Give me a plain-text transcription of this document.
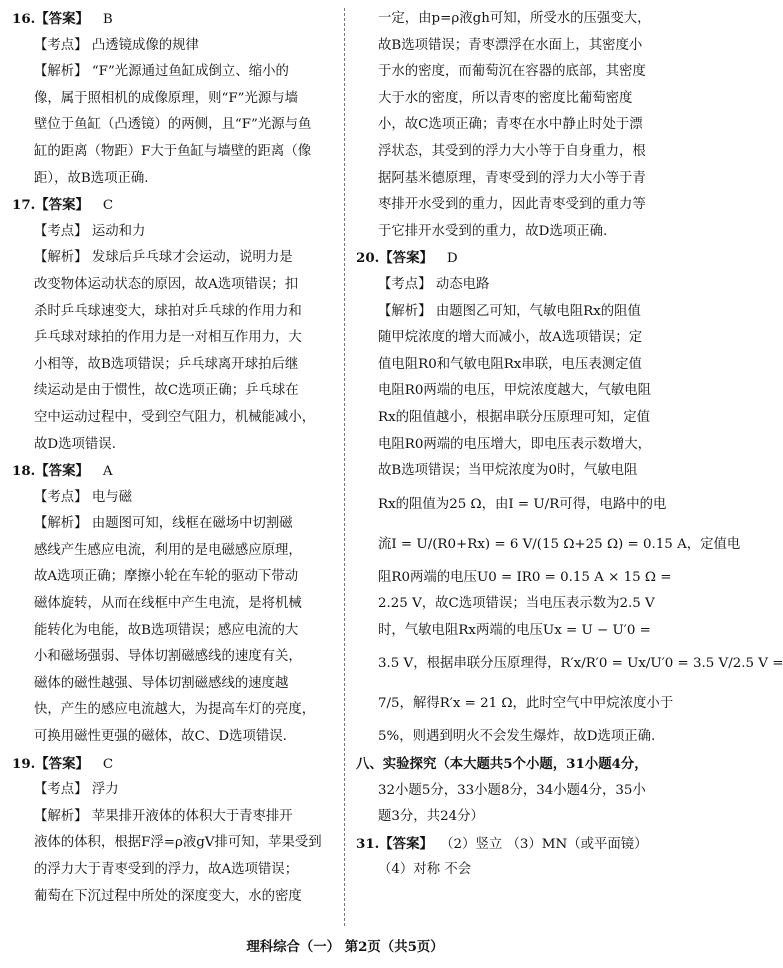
16.【答案】 B
【考点】 凸透镜成像的规律
【解析】 “F”光源通过鱼缸成倒立、缩小的
像，属于照相机的成像原理，则“F”光源与墙
壁位于鱼缸（凸透镜）的两侧，且“F”光源与鱼
缸的距离（物距）F大于鱼缸与墙壁的距离（像
距），故B选项正确.
17.【答案】 C
【考点】 运动和力
【解析】 发球后乒乓球才会运动，说明力是
改变物体运动状态的原因，故A选项错误；扣
杀时乒乓球速变大，球拍对乒乓球的作用力和
乒乓球对球拍的作用力是一对相互作用力，大
小相等，故B选项错误；乒乓球离开球拍后继
续运动是由于惯性，故C选项正确；乒乓球在
空中运动过程中，受到空气阻力，机械能减小，
故D选项错误.
18.【答案】 A
【考点】 电与磁
【解析】 由题图可知，线框在磁场中切割磁
感线产生感应电流，利用的是电磁感应原理，
故A选项正确；摩擦小轮在车轮的驱动下带动
磁体旋转，从而在线框中产生电流，是将机械
能转化为电能，故B选项错误；感应电流的大
小和磁场强弱、导体切割磁感线的速度有关，
磁体的磁性越强、导体切割磁感线的速度越
快，产生的感应电流越大，为提高车灯的亮度，
可换用磁性更强的磁体，故C、D选项错误.
19.【答案】 C
【考点】 浮力
【解析】 苹果排开液体的体积大于青枣排开
液体的体积，根据F浮=ρ液gV排可知，苹果受到
的浮力大于青枣受到的浮力，故A选项错误；
葡萄在下沉过程中所处的深度变大，水的密度
一定，由p=ρ液gh可知，所受水的压强变大，
故B选项错误；青枣漂浮在水面上，其密度小
于水的密度，而葡萄沉在容器的底部，其密度
大于水的密度，所以青枣的密度比葡萄密度
小，故C选项正确；青枣在水中静止时处于漂
浮状态，其受到的浮力大小等于自身重力，根
据阿基米德原理，青枣受到的浮力大小等于青
枣排开水受到的重力，因此青枣受到的重力等
于它排开水受到的重力，故D选项正确.
20.【答案】 D
【考点】 动态电路
【解析】 由题图乙可知，气敏电阻Rx的阻值
随甲烷浓度的增大而减小，故A选项错误；定
值电阻R0和气敏电阻Rx串联，电压表测定值
电阻R0两端的电压，甲烷浓度越大，气敏电阻
Rx的阻值越小，根据串联分压原理可知，定值
电阻R0两端的电压增大，即电压表示数增大，
故B选项错误；当甲烷浓度为0时，气敏电阻
Rx的阻值为25 Ω，由I = U/R可得，电路中的电
流I = U/(R0+Rx) = 6 V/(15 Ω+25 Ω) = 0.15 A，定值电
阻R0两端的电压U0 = IR0 = 0.15 A × 15 Ω =
2.25 V，故C选项错误；当电压表示数为2.5 V
时，气敏电阻Rx两端的电压Ux = U − U′0 =
3.5 V，根据串联分压原理得，R′x/R′0 = Ux/U′0 = 3.5 V/2.5 V =
7/5，解得R′x = 21 Ω，此时空气中甲烷浓度小于
5%，则遇到明火不会发生爆炸，故D选项正确.
八、实验探究（本大题共5个小题，31小题4分，
32小题5分，33小题8分，34小题4分，35小
题3分，共24分）
31.【答案】 （2）竖立 （3）MN（或平面镜）
（4）对称 不会
理科综合（一） 第2页（共5页）
